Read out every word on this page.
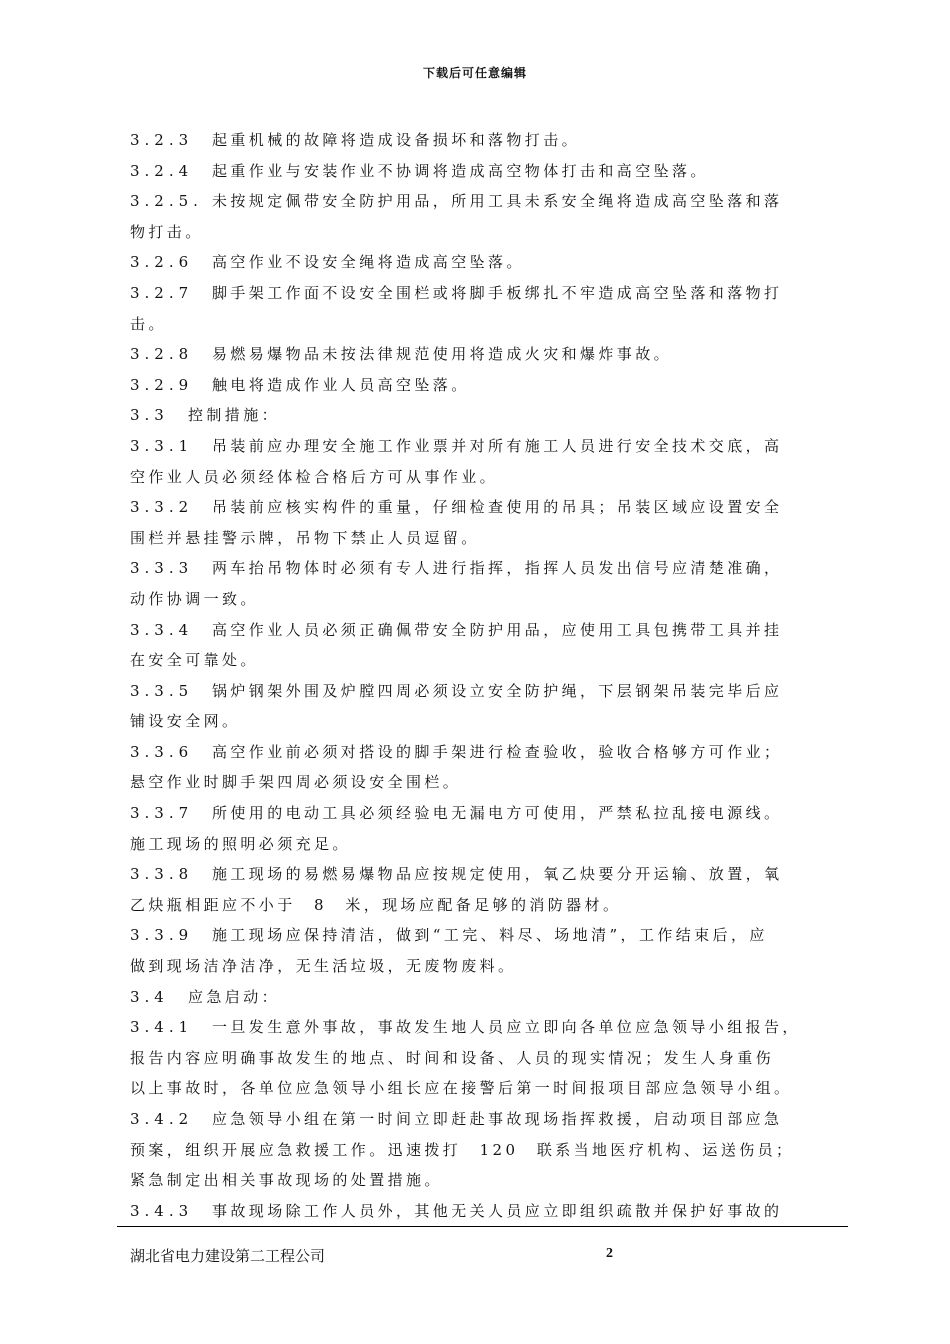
下载后可任意编辑
3.2.3 起重机械的故障将造成设备损坏和落物打击。
3.2.4 起重作业与安装作业不协调将造成高空物体打击和高空坠落。
3.2.5. 未按规定佩带安全防护用品，所用工具未系安全绳将造成高空坠落和落
物打击。
3.2.6 高空作业不设安全绳将造成高空坠落。
3.2.7 脚手架工作面不设安全围栏或将脚手板绑扎不牢造成高空坠落和落物打
击。
3.2.8 易燃易爆物品未按法律规范使用将造成火灾和爆炸事故。
3.2.9 触电将造成作业人员高空坠落。
3.3 控制措施：
3.3.1 吊装前应办理安全施工作业票并对所有施工人员进行安全技术交底，高
空作业人员必须经体检合格后方可从事作业。
3.3.2 吊装前应核实构件的重量，仔细检查使用的吊具；吊装区域应设置安全
围栏并悬挂警示牌，吊物下禁止人员逗留。
3.3.3 两车抬吊物体时必须有专人进行指挥，指挥人员发出信号应清楚准确，
动作协调一致。
3.3.4 高空作业人员必须正确佩带安全防护用品，应使用工具包携带工具并挂
在安全可靠处。
3.3.5 锅炉钢架外围及炉膛四周必须设立安全防护绳，下层钢架吊装完毕后应
铺设安全网。
3.3.6 高空作业前必须对搭设的脚手架进行检查验收，验收合格够方可作业；
悬空作业时脚手架四周必须设安全围栏。
3.3.7 所使用的电动工具必须经验电无漏电方可使用，严禁私拉乱接电源线。
施工现场的照明必须充足。
3.3.8 施工现场的易燃易爆物品应按规定使用，氧乙炔要分开运输、放置，氧
乙炔瓶相距应不小于　8　米，现场应配备足够的消防器材。
3.3.9 施工现场应保持清洁，做到“工完、料尽、场地清”，工作结束后，应
做到现场洁净洁净，无生活垃圾，无废物废料。
3.4 应急启动：
3.4.1 一旦发生意外事故，事故发生地人员应立即向各单位应急领导小组报告，
报告内容应明确事故发生的地点、时间和设备、人员的现实情况；发生人身重伤
以上事故时，各单位应急领导小组长应在接警后第一时间报项目部应急领导小组。
3.4.2 应急领导小组在第一时间立即赶赴事故现场指挥救援，启动项目部应急
预案，组织开展应急救援工作。迅速拨打　120　联系当地医疗机构、运送伤员；
紧急制定出相关事故现场的处置措施。
3.4.3 事故现场除工作人员外，其他无关人员应立即组织疏散并保护好事故的
湖北省电力建设第二工程公司	2
